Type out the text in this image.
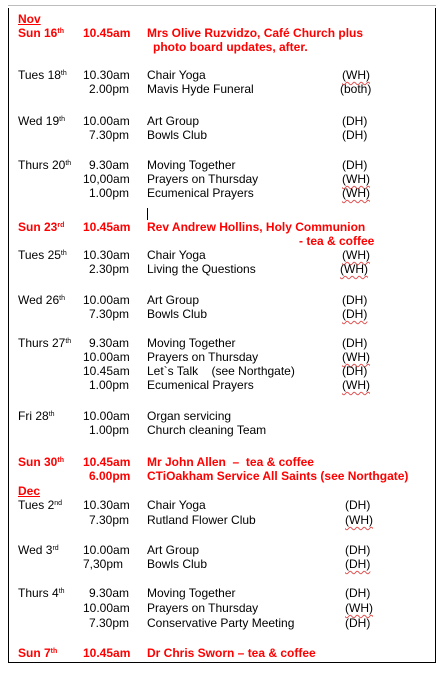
Nov
Sun 16th 10.45am Mrs Olive Ruzvidzo, Café Church plus
photo board updates, after.
Tues 18th 10.30am Chair Yoga	(WH)
2.00pm Mavis Hyde Funeral	(both)
Wed 19th 10.00am Art Group	(DH)
7.30pm Bowls Club	(DH)
Thurs 20th 9.30am Moving Together	(DH)
10,00am Prayers on Thursday	(WH)
1.00pm Ecumenical Prayers	(WH)
Sun 23rd 10.45am Rev Andrew Hollins, Holy Communion
- tea & coffee
Tues 25th 10.30am Chair Yoga	(WH)
2.30pm Living the Questions	(WH)
Wed 26th 10.00am Art Group	(DH)
7.30pm Bowls Club	(DH)
Thurs 27th 9.30am Moving Together	(DH)
10.00am Prayers on Thursday	(WH)
10.45am Let`s Talk    (see Northgate)	(DH)
1.00pm Ecumenical Prayers	(WH)
Fri 28th 10.00am Organ servicing
1.00pm Church cleaning Team
Sun 30th 10.45am Mr John Allen  –  tea & coffee
6.00pm CTiOakham Service All Saints (see Northgate)
Dec
Tues 2nd 10.30am Chair Yoga	(DH)
7.30pm Rutland Flower Club	(WH)
Wed 3rd 10.00am Art Group	(DH)
7,30pm Bowls Club	(DH)
Thurs 4th 9.30am Moving Together	(DH)
10.00am Prayers on Thursday	(WH)
7.30pm Conservative Party Meeting	(DH)
Sun 7th 10.45am Dr Chris Sworn – tea & coffee
